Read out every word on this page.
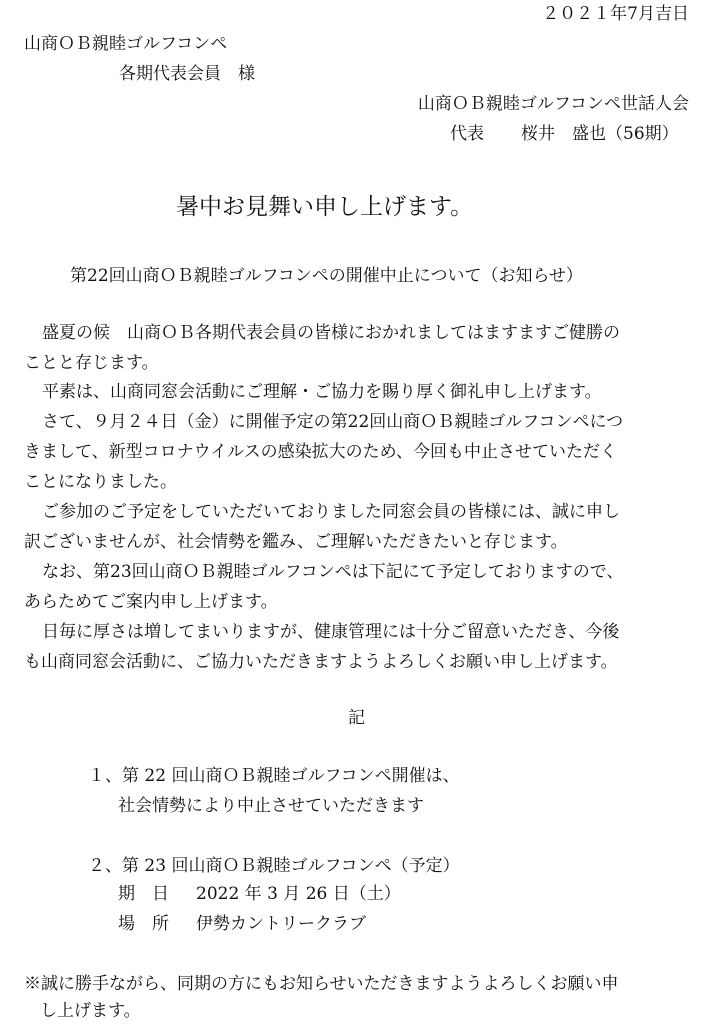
２０２１年7月吉日
山商ＯＢ親睦ゴルフコンペ
各期代表会員　様
山商ＯＢ親睦ゴルフコンペ世話人会
代表 桜井　盛也（56期）
暑中お見舞い申し上げます。
第22回山商ＯＢ親睦ゴルフコンペの開催中止について（お知らせ）
盛夏の候　山商ＯＢ各期代表会員の皆様におかれましてはますますご健勝の
ことと存じます。
平素は、山商同窓会活動にご理解・ご協力を賜り厚く御礼申し上げます。
さて、９月２４日（金）に開催予定の第22回山商ＯＢ親睦ゴルフコンペにつ
きまして、新型コロナウイルスの感染拡大のため、今回も中止させていただく
ことになりました。
ご参加のご予定をしていただいておりました同窓会員の皆様には、誠に申し
訳ございませんが、社会情勢を鑑み、ご理解いただきたいと存じます。
なお、第23回山商ＯＢ親睦ゴルフコンペは下記にて予定しておりますので、
あらためてご案内申し上げます。
日毎に厚さは増してまいりますが、健康管理には十分ご留意いただき、今後
も山商同窓会活動に、ご協力いただきますようよろしくお願い申し上げます。
記
１、第 22 回山商ＯＢ親睦ゴルフコンペ開催は、
社会情勢により中止させていただきます
２、第 23 回山商ＯＢ親睦ゴルフコンペ（予定）
期　日	2022 年 3 月 26 日（土）
場　所	伊勢カントリークラブ
※誠に勝手ながら、同期の方にもお知らせいただきますようよろしくお願い申
し上げます。
